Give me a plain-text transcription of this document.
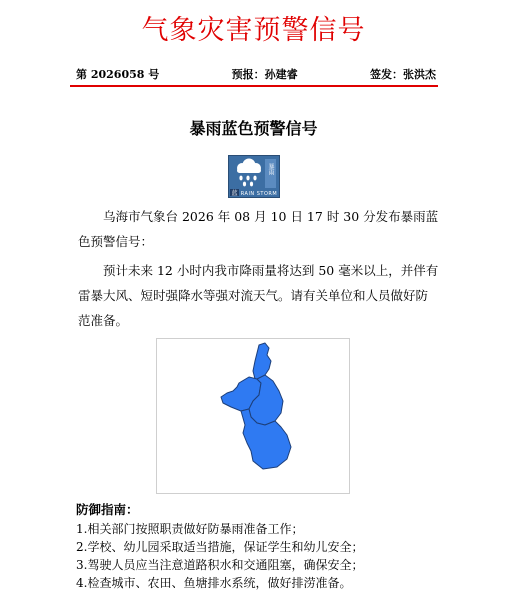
气象灾害预警信号
第 2026058 号	预报：孙建睿	签发：张洪杰
暴雨蓝色预警信号
暴雨
蓝 RAIN STORM
乌海市气象台 2026 年 08 月 10 日 17 时 30 分发布暴雨蓝色预警信号：
预计未来 12 小时内我市降雨量将达到 50 毫米以上，并伴有雷暴大风、短时强降水等强对流天气。请有关单位和人员做好防范准备。
防御指南：
1.相关部门按照职责做好防暴雨准备工作；
2.学校、幼儿园采取适当措施，保证学生和幼儿安全；
3.驾驶人员应当注意道路积水和交通阻塞，确保安全；
4.检查城市、农田、鱼塘排水系统，做好排涝准备。
